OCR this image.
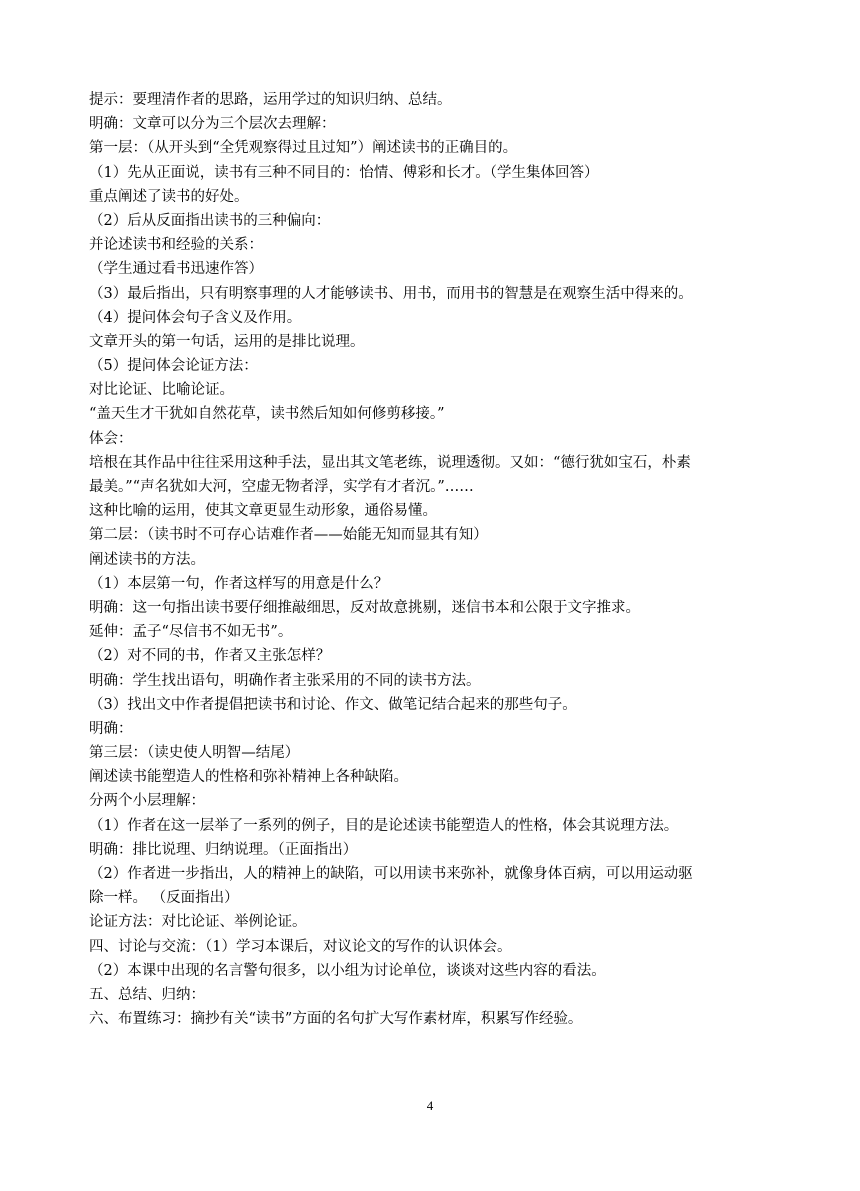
提示：要理清作者的思路，运用学过的知识归纳、总结。
明确：文章可以分为三个层次去理解：
第一层：（从开头到“全凭观察得过且过知”）阐述读书的正确目的。
（1）先从正面说，读书有三种不同目的：怡情、傅彩和长才。（学生集体回答）
重点阐述了读书的好处。
（2）后从反面指出读书的三种偏向：
并论述读书和经验的关系：
（学生通过看书迅速作答）
（3）最后指出，只有明察事理的人才能够读书、用书，而用书的智慧是在观察生活中得来的。
（4）提问体会句子含义及作用。
文章开头的第一句话，运用的是排比说理。
（5）提问体会论证方法：
对比论证、比喻论证。
“盖天生才干犹如自然花草，读书然后知如何修剪移接。”
体会：
培根在其作品中往往采用这种手法，显出其文笔老练，说理透彻。又如：“德行犹如宝石，朴素
最美。”“声名犹如大河，空虚无物者浮，实学有才者沉。”……
这种比喻的运用，使其文章更显生动形象，通俗易懂。
第二层：（读书时不可存心诘难作者——始能无知而显其有知）
阐述读书的方法。
（1）本层第一句，作者这样写的用意是什么？
明确：这一句指出读书要仔细推敲细思，反对故意挑剔，迷信书本和公限于文字推求。
延伸：孟子“尽信书不如无书”。
（2）对不同的书，作者又主张怎样？
明确：学生找出语句，明确作者主张采用的不同的读书方法。
（3）找出文中作者提倡把读书和讨论、作文、做笔记结合起来的那些句子。
明确：
第三层：（读史使人明智—结尾）
阐述读书能塑造人的性格和弥补精神上各种缺陷。
分两个小层理解：
（1）作者在这一层举了一系列的例子，目的是论述读书能塑造人的性格，体会其说理方法。
明确：排比说理、归纳说理。（正面指出）
（2）作者进一步指出，人的精神上的缺陷，可以用读书来弥补，就像身体百病，可以用运动驱
除一样。 （反面指出）
论证方法：对比论证、举例论证。
四、讨论与交流：（1）学习本课后，对议论文的写作的认识体会。
（2）本课中出现的名言警句很多，以小组为讨论单位，谈谈对这些内容的看法。
五、总结、归纳：
六、布置练习：摘抄有关“读书”方面的名句扩大写作素材库，积累写作经验。
4
